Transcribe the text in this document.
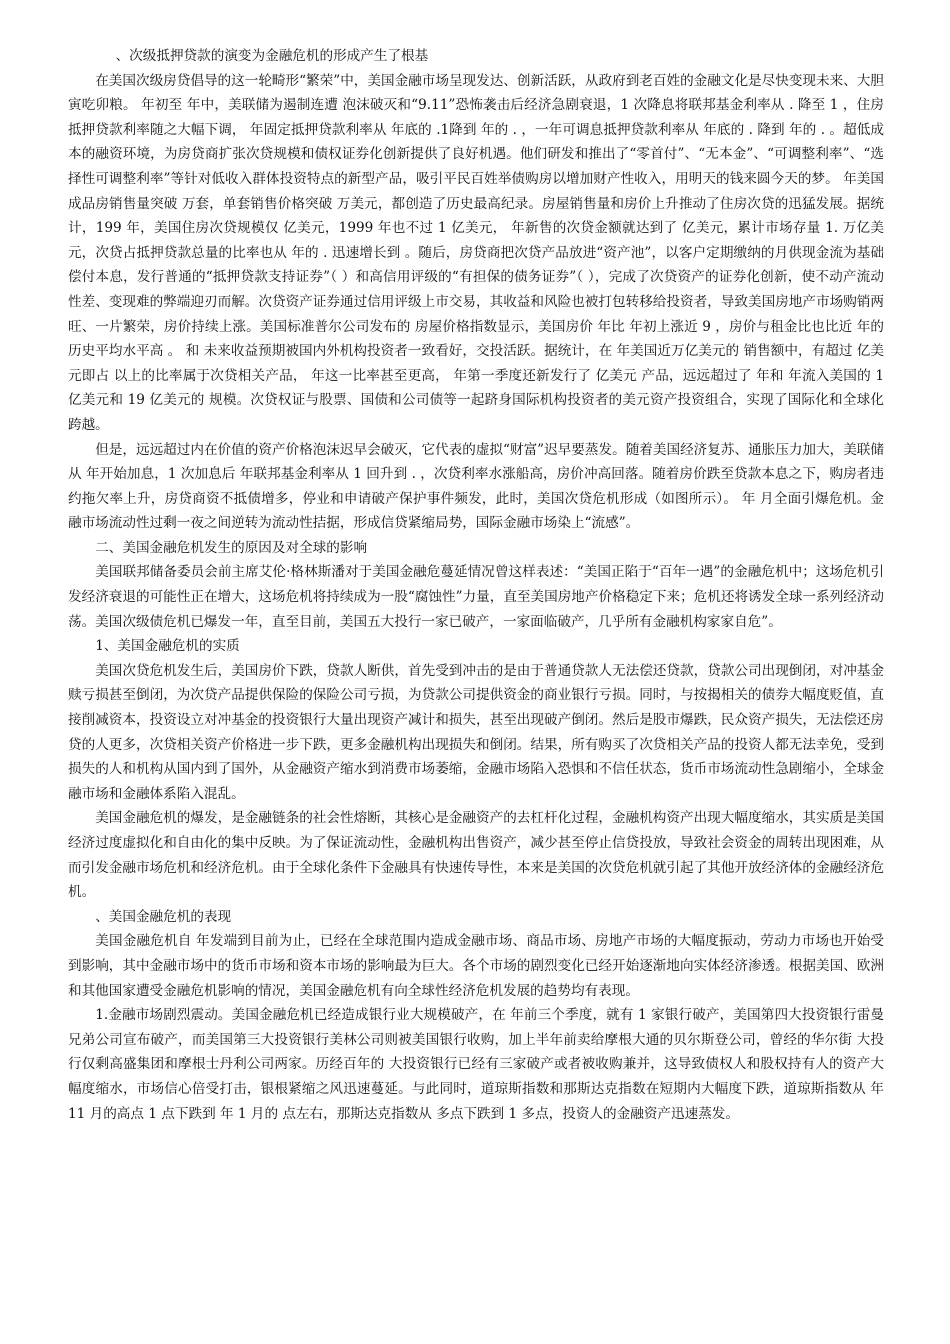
、次级抵押贷款的演变为金融危机的形成产生了根基

在美国次级房贷倡导的这一轮畸形“繁荣”中，美国金融市场呈现发达、创新活跃，从政府到老百姓的金融文化是尽快变现未来、大胆寅吃卯粮。 年初至 年中，美联储为遏制连遭 泡沫破灭和“9.11”恐怖袭击后经济急剧衰退，1 次降息将联邦基金利率从 . 降至 1 ，住房抵押贷款利率随之大幅下调， 年固定抵押贷款利率从 年底的 .1降到 年的 . ，一年可调息抵押贷款利率从 年底的 . 降到 年的 . 。超低成本的融资环境，为房贷商扩张次贷规模和债权证券化创新提供了良好机遇。他们研发和推出了“零首付”、“无本金”、“可调整利率”、“选择性可调整利率”等针对低收入群体投资特点的新型产品，吸引平民百姓举债购房以增加财产性收入，用明天的钱来圆今天的梦。 年美国成品房销售量突破 万套，单套销售价格突破 万美元，都创造了历史最高纪录。房屋销售量和房价上升推动了住房次贷的迅猛发展。据统计，199 年，美国住房次贷规模仅 亿美元，1999 年也不过 1 亿美元， 年新售的次贷金额就达到了 亿美元，累计市场存量 1. 万亿美元，次贷占抵押贷款总量的比率也从 年的 . 迅速增长到 。随后，房贷商把次贷产品放进“资产池”，以客户定期缴纳的月供现金流为基础偿付本息，发行普通的“抵押贷款支持证券”（ ）和高信用评级的“有担保的债务证券”（ ），完成了次贷资产的证券化创新，使不动产流动性差、变现难的弊端迎刃而解。次贷资产证券通过信用评级上市交易，其收益和风险也被打包转移给投资者，导致美国房地产市场购销两旺、一片繁荣，房价持续上涨。美国标准普尔公司发布的 房屋价格指数显示，美国房价 年比 年初上涨近 9 ，房价与租金比也比近 年的历史平均水平高 。 和 未来收益预期被国内外机构投资者一致看好，交投活跃。据统计，在 年美国近万亿美元的 销售额中，有超过 亿美元即占 以上的比率属于次贷相关产品， 年这一比率甚至更高， 年第一季度还新发行了 亿美元 产品，远远超过了 年和 年流入美国的 1 亿美元和 19 亿美元的 规模。次贷权证与股票、国债和公司债等一起跻身国际机构投资者的美元资产投资组合，实现了国际化和全球化跨越。

但是，远远超过内在价值的资产价格泡沫迟早会破灭，它代表的虚拟“财富”迟早要蒸发。随着美国经济复苏、通胀压力加大，美联储从 年开始加息，1 次加息后 年联邦基金利率从 1 回升到 . ，次贷利率水涨船高，房价冲高回落。随着房价跌至贷款本息之下，购房者违约拖欠率上升，房贷商资不抵债增多，停业和申请破产保护事件频发，此时，美国次贷危机形成（如图所示）。 年 月全面引爆危机。金融市场流动性过剩一夜之间逆转为流动性拮据，形成信贷紧缩局势，国际金融市场染上“流感”。

二、美国金融危机发生的原因及对全球的影响

美国联邦储备委员会前主席艾伦·格林斯潘对于美国金融危蔓延情况曾这样表述：“美国正陷于“百年一遇”的金融危机中；这场危机引发经济衰退的可能性正在增大，这场危机将持续成为一股“腐蚀性”力量，直至美国房地产价格稳定下来；危机还将诱发全球一系列经济动荡。美国次级债危机已爆发一年，直至目前，美国五大投行一家已破产，一家面临破产，几乎所有金融机构家家自危”。

1、美国金融危机的实质

美国次贷危机发生后，美国房价下跌，贷款人断供，首先受到冲击的是由于普通贷款人无法偿还贷款，贷款公司出现倒闭，对冲基金赎亏损甚至倒闭，为次贷产品提供保险的保险公司亏损，为贷款公司提供资金的商业银行亏损。同时，与按揭相关的债券大幅度贬值，直接削减资本，投资设立对冲基金的投资银行大量出现资产减计和损失，甚至出现破产倒闭。然后是股市爆跌，民众资产损失，无法偿还房贷的人更多，次贷相关资产价格进一步下跌，更多金融机构出现损失和倒闭。结果，所有购买了次贷相关产品的投资人都无法幸免，受到损失的人和机构从国内到了国外，从金融资产缩水到消费市场萎缩，金融市场陷入恐惧和不信任状态，货币市场流动性急剧缩小，全球金融市场和金融体系陷入混乱。

美国金融危机的爆发，是金融链条的社会性熔断，其核心是金融资产的去杠杆化过程，金融机构资产出现大幅度缩水，其实质是美国经济过度虚拟化和自由化的集中反映。为了保证流动性，金融机构出售资产，减少甚至停止信贷投放，导致社会资金的周转出现困难，从而引发金融市场危机和经济危机。由于全球化条件下金融具有快速传导性，本来是美国的次贷危机就引起了其他开放经济体的金融经济危机。

、美国金融危机的表现

美国金融危机自 年发端到目前为止，已经在全球范围内造成金融市场、商品市场、房地产市场的大幅度振动，劳动力市场也开始受到影响，其中金融市场中的货币市场和资本市场的影响最为巨大。各个市场的剧烈变化已经开始逐渐地向实体经济渗透。根据美国、欧洲和其他国家遭受金融危机影响的情况，美国金融危机有向全球性经济危机发展的趋势均有表现。

1.金融市场剧烈震动。美国金融危机已经造成银行业大规模破产，在 年前三个季度，就有 1 家银行破产，美国第四大投资银行雷曼兄弟公司宣布破产，而美国第三大投资银行美林公司则被美国银行收购，加上半年前卖给摩根大通的贝尔斯登公司，曾经的华尔街 大投行仅剩高盛集团和摩根士丹利公司两家。历经百年的 大投资银行已经有三家破产或者被收购兼并，这导致债权人和股权持有人的资产大幅度缩水，市场信心倍受打击，银根紧缩之风迅速蔓延。与此同时，道琼斯指数和那斯达克指数在短期内大幅度下跌，道琼斯指数从 年 11 月的高点 1 点下跌到 年 1 月的 点左右，那斯达克指数从 多点下跌到 1 多点，投资人的金融资产迅速蒸发。
